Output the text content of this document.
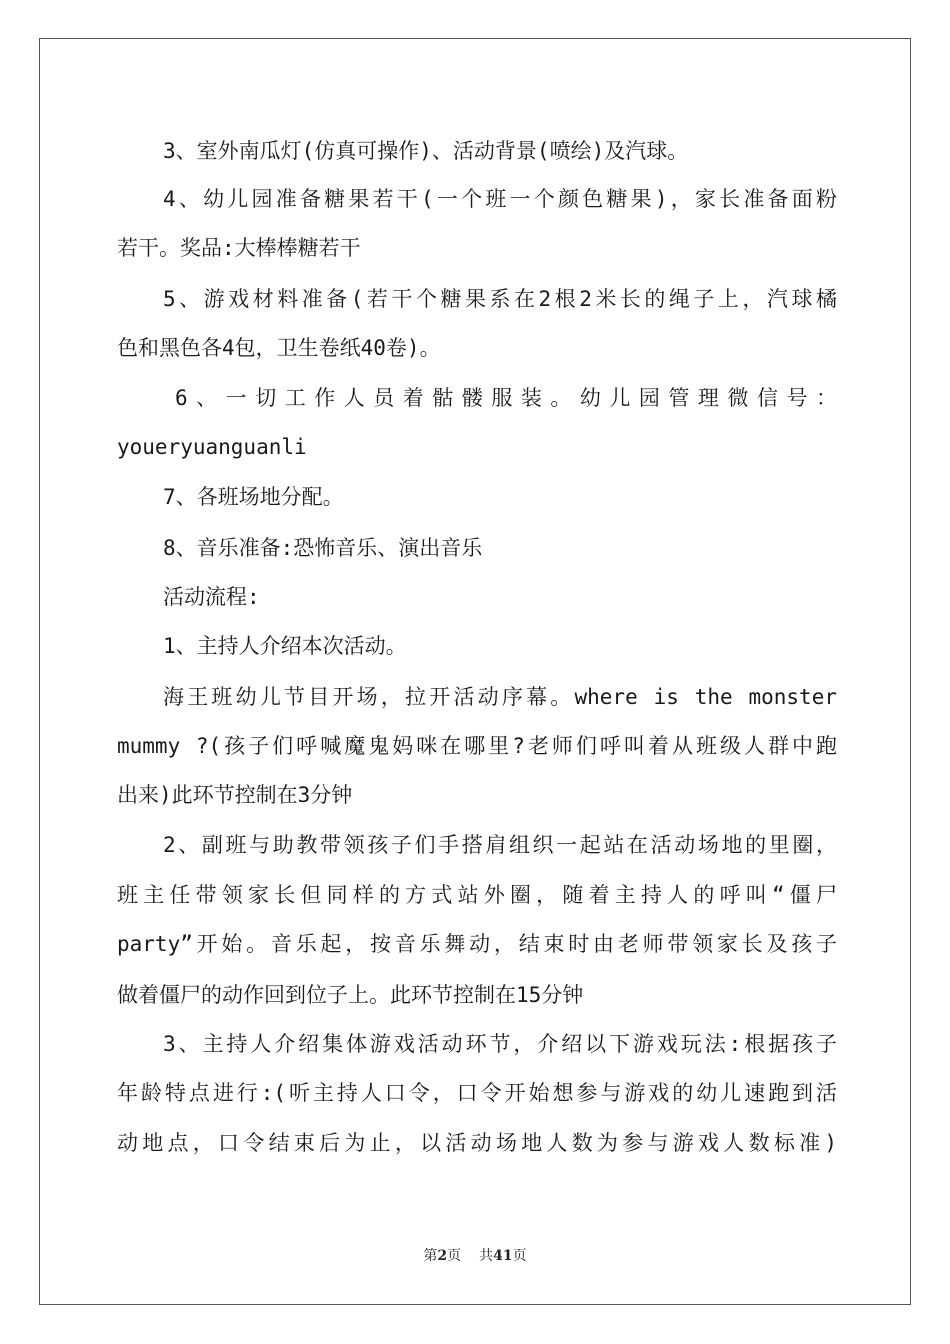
3、室外南瓜灯(仿真可操作)、活动背景(喷绘)及汽球。
4、幼儿园准备糖果若干(一个班一个颜色糖果)，家长准备面粉
若干。奖品:大棒棒糖若干
5、游戏材料准备(若干个糖果系在2根2米长的绳子上，汽球橘
色和黑色各4包，卫生卷纸40卷)。
6、一切工作人员着骷髅服装。幼儿园管理微信号：
youeryuanguanli
7、各班场地分配。
8、音乐准备:恐怖音乐、演出音乐
活动流程:
1、主持人介绍本次活动。
海王班幼儿节目开场，拉开活动序幕。where is the monster
mummy ?(孩子们呼喊魔鬼妈咪在哪里?老师们呼叫着从班级人群中跑
出来)此环节控制在3分钟
2、副班与助教带领孩子们手搭肩组织一起站在活动场地的里圈，
班主任带领家长但同样的方式站外圈，随着主持人的呼叫“僵尸
party”开始。音乐起，按音乐舞动，结束时由老师带领家长及孩子
做着僵尸的动作回到位子上。此环节控制在15分钟
3、主持人介绍集体游戏活动环节，介绍以下游戏玩法:根据孩子
年龄特点进行:(听主持人口令，口令开始想参与游戏的幼儿速跑到活
动地点，口令结束后为止，以活动场地人数为参与游戏人数标准)
第2页 共41页
